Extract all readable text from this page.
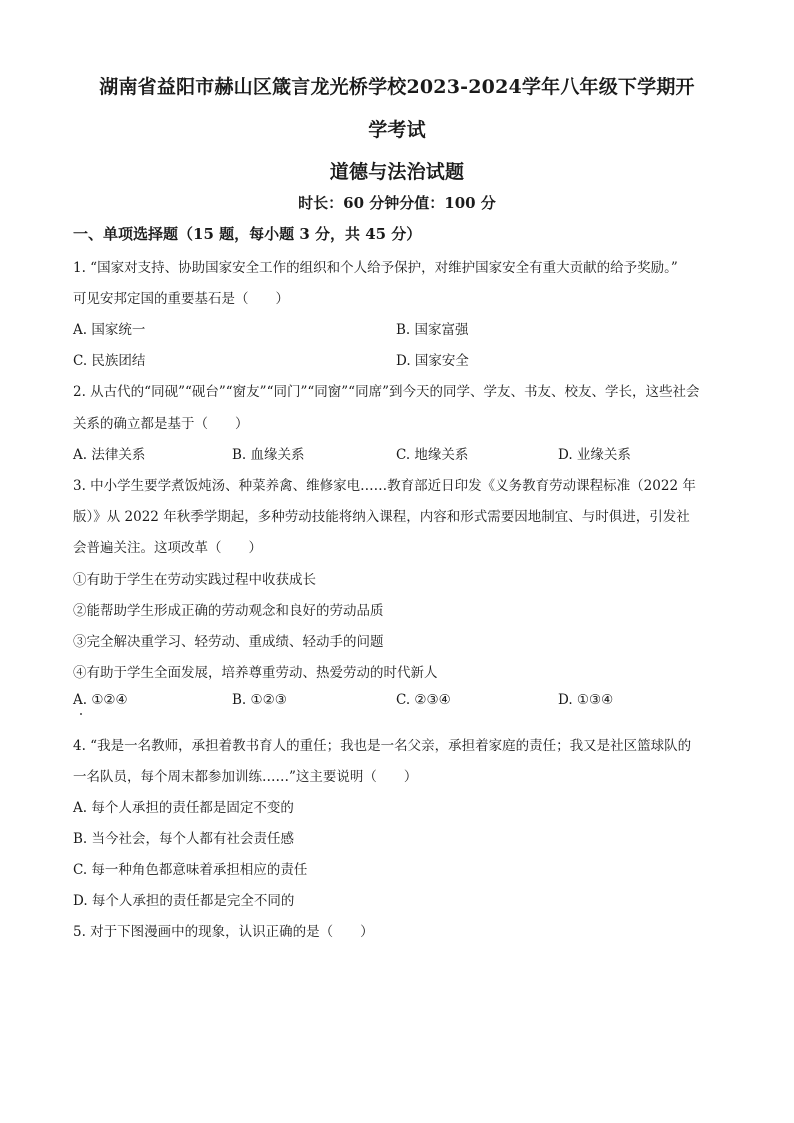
湖南省益阳市赫山区箴言龙光桥学校2023-2024学年八年级下学期开
学考试
道德与法治试题
时长：60 分钟分值：100 分
一、单项选择题（15 题，每小题 3 分，共 45 分）
1. “国家对支持、协助国家安全工作的组织和个人给予保护，对维护国家安全有重大贡献的给予奖励。”
可见安邦定国的重要基石是（　　）
A. 国家统一	B. 国家富强
C. 民族团结	D. 国家安全
2. 从古代的“同砚”“砚台”“窗友”“同门”“同窗”“同席”到今天的同学、学友、书友、校友、学长，这些社会
关系的确立都是基于（　　）
A. 法律关系	B. 血缘关系	C. 地缘关系	D. 业缘关系
3. 中小学生要学煮饭炖汤、种菜养禽、维修家电……教育部近日印发《义务教育劳动课程标准（2022 年
版）》从 2022 年秋季学期起，多种劳动技能将纳入课程，内容和形式需要因地制宜、与时俱进，引发社
会普遍关注。这项改革（　　）
①有助于学生在劳动实践过程中收获成长
②能帮助学生形成正确的劳动观念和良好的劳动品质
③完全解决重学习、轻劳动、重成绩、轻动手的问题
④有助于学生全面发展，培养尊重劳动、热爱劳动的时代新人
A. ①②④	B. ①②③	C. ②③④	D. ①③④
4. “我是一名教师，承担着教书育人的重任；我也是一名父亲，承担着家庭的责任；我又是社区篮球队的
一名队员，每个周末都参加训练……”这主要说明（　　）
A. 每个人承担的责任都是固定不变的
B. 当今社会，每个人都有社会责任感
C. 每一种角色都意味着承担相应的责任
D. 每个人承担的责任都是完全不同的
5. 对于下图漫画中的现象，认识正确的是（　　）
